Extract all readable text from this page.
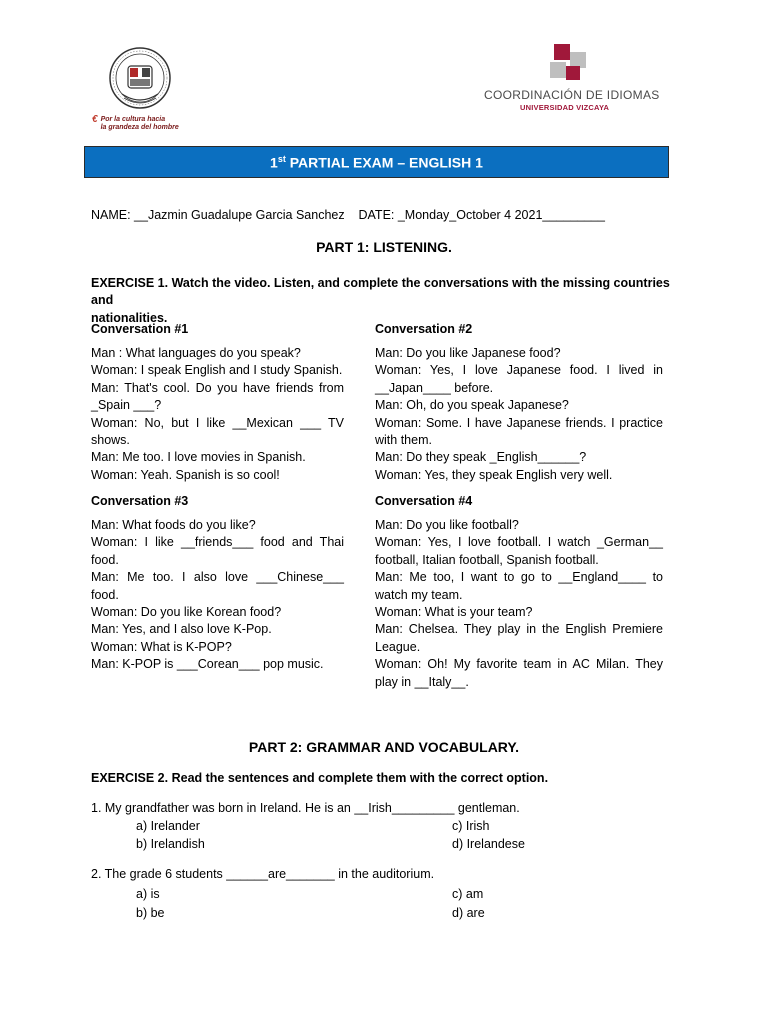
€ Por la cultura hacia
la grandeza del hombre
COORDINACIÓN DE IDIOMAS
UNIVERSIDAD VIZCAYA
1st PARTIAL EXAM – ENGLISH 1
NAME: __Jazmin Guadalupe Garcia Sanchez    DATE: _Monday_October 4 2021_________
PART 1: LISTENING.
EXERCISE 1. Watch the video. Listen, and complete the conversations with the missing countries and
nationalities.
Conversation #1
Man : What languages do you speak?
Woman: I speak English and I study Spanish.
Man: That's cool. Do you have friends from
_Spain ___?
Woman: No, but I like __Mexican ___ TV
shows.
Man: Me too. I love movies in Spanish.
Woman: Yeah. Spanish is so cool!
Conversation #2
Man: Do you like Japanese food?
Woman: Yes, I love Japanese food. I lived in
__Japan____ before.
Man: Oh, do you speak Japanese?
Woman: Some. I have Japanese friends. I practice
with them.
Man: Do they speak _English______?
Woman: Yes, they speak English very well.
Conversation #3
Man: What foods do you like?
Woman: I like __friends___ food and Thai
food.
Man: Me too. I also love ___Chinese___
food.
Woman: Do you like Korean food?
Man: Yes, and I also love K-Pop.
Woman: What is K-POP?
Man: K-POP is ___Corean___ pop music.
Conversation #4
Man: Do you like football?
Woman: Yes, I love football. I watch _German__
football, Italian football, Spanish football.
Man: Me too, I want to go to __England____ to
watch my team.
Woman: What is your team?
Man: Chelsea. They play in the English Premiere
League.
Woman: Oh! My favorite team in AC Milan. They
play in __Italy__.
PART 2: GRAMMAR AND VOCABULARY.
EXERCISE 2. Read the sentences and complete them with the correct option.
1. My grandfather was born in Ireland. He is an __Irish_________ gentleman.
a) Irelander
b) Irelandish
c) Irish
d) Irelandese
2. The grade 6 students ______are_______ in the auditorium.
a) is
b) be
c) am
d) are
